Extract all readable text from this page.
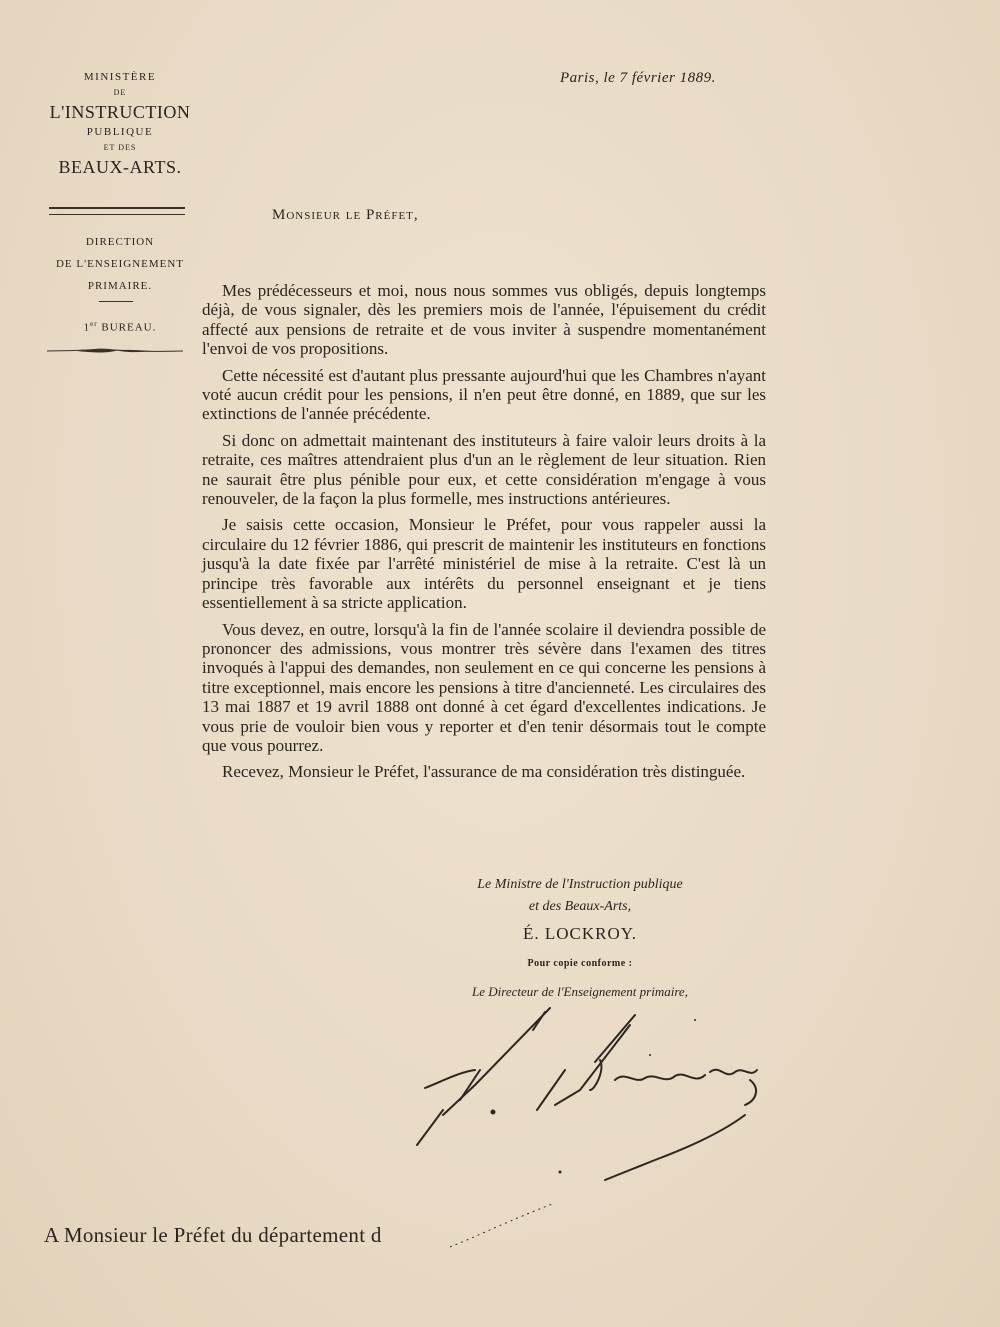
MINISTÈRE
DE
L'INSTRUCTION
PUBLIQUE
ET DES
BEAUX-ARTS.
DIRECTION
DE L'ENSEIGNEMENT
PRIMAIRE.
1er BUREAU.
Paris, le 7 février 1889.
Monsieur le Préfet,

Mes prédécesseurs et moi, nous nous sommes vus obligés, depuis longtemps déjà, de vous signaler, dès les premiers mois de l'année, l'épuisement du crédit affecté aux pensions de retraite et de vous inviter à suspendre momentanément l'envoi de vos propositions.

Cette nécessité est d'autant plus pressante aujourd'hui que les Chambres n'ayant voté aucun crédit pour les pensions, il n'en peut être donné, en 1889, que sur les extinctions de l'année précédente.

Si donc on admettait maintenant des instituteurs à faire valoir leurs droits à la retraite, ces maîtres attendraient plus d'un an le règlement de leur situation. Rien ne saurait être plus pénible pour eux, et cette considération m'engage à vous renouveler, de la façon la plus formelle, mes instructions antérieures.

Je saisis cette occasion, Monsieur le Préfet, pour vous rappeler aussi la circulaire du 12 février 1886, qui prescrit de maintenir les instituteurs en fonctions jusqu'à la date fixée par l'arrêté ministériel de mise à la retraite. C'est là un principe très favorable aux intérêts du personnel enseignant et je tiens essentiellement à sa stricte application.

Vous devez, en outre, lorsqu'à la fin de l'année scolaire il deviendra possible de prononcer des admissions, vous montrer très sévère dans l'examen des titres invoqués à l'appui des demandes, non seulement en ce qui concerne les pensions à titre exceptionnel, mais encore les pensions à titre d'ancienneté. Les circulaires des 13 mai 1887 et 19 avril 1888 ont donné à cet égard d'excellentes indications. Je vous prie de vouloir bien vous y reporter et d'en tenir désormais tout le compte que vous pourrez.

Recevez, Monsieur le Préfet, l'assurance de ma considération très distinguée.

Le Ministre de l'Instruction publique
et des Beaux-Arts,
É. LOCKROY.
Pour copie conforme :
Le Directeur de l'Enseignement primaire,
A Monsieur le Préfet du département d
